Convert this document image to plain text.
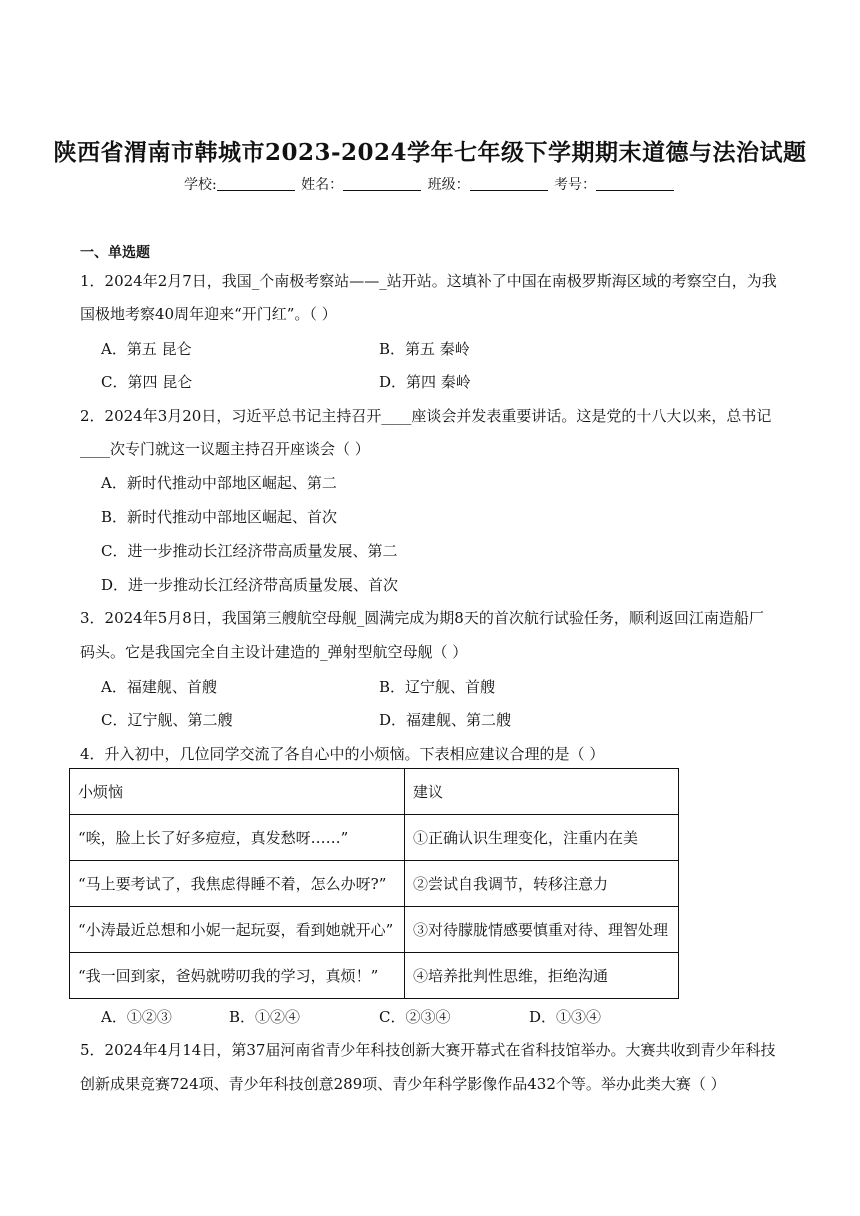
陕西省渭南市韩城市2023-2024学年七年级下学期期末道德与法治试题
学校:	姓名：	班级：	考号：
一、单选题
1．2024年2月7日，我国_个南极考察站——_站开站。这填补了中国在南极罗斯海区域的考察空白，为我
国极地考察40周年迎来“开门红”。（ ）
A．第五 昆仑	B．第五 秦岭
C．第四 昆仑	D．第四 秦岭
2．2024年3月20日，习近平总书记主持召开____座谈会并发表重要讲话。这是党的十八大以来，总书记
____次专门就这一议题主持召开座谈会（ ）
A．新时代推动中部地区崛起、第二
B．新时代推动中部地区崛起、首次
C．进一步推动长江经济带高质量发展、第二
D．进一步推动长江经济带高质量发展、首次
3．2024年5月8日，我国第三艘航空母舰_圆满完成为期8天的首次航行试验任务，顺利返回江南造船厂
码头。它是我国完全自主设计建造的_弹射型航空母舰（ ）
A．福建舰、首艘	B．辽宁舰、首艘
C．辽宁舰、第二艘	D．福建舰、第二艘
4．升入初中，几位同学交流了各自心中的小烦恼。下表相应建议合理的是（ ）
小烦恼	建议
“唉，脸上长了好多痘痘，真发愁呀……”	①正确认识生理变化，注重内在美
“马上要考试了，我焦虑得睡不着，怎么办呀?”	②尝试自我调节，转移注意力
“小涛最近总想和小妮一起玩耍，看到她就开心”	③对待朦胧情感要慎重对待、理智处理
“我一回到家，爸妈就唠叨我的学习，真烦！”	④培养批判性思维，拒绝沟通
A．①②③	B．①②④	C．②③④	D．①③④
5．2024年4月14日，第37届河南省青少年科技创新大赛开幕式在省科技馆举办。大赛共收到青少年科技
创新成果竞赛724项、青少年科技创意289项、青少年科学影像作品432个等。举办此类大赛（ ）
